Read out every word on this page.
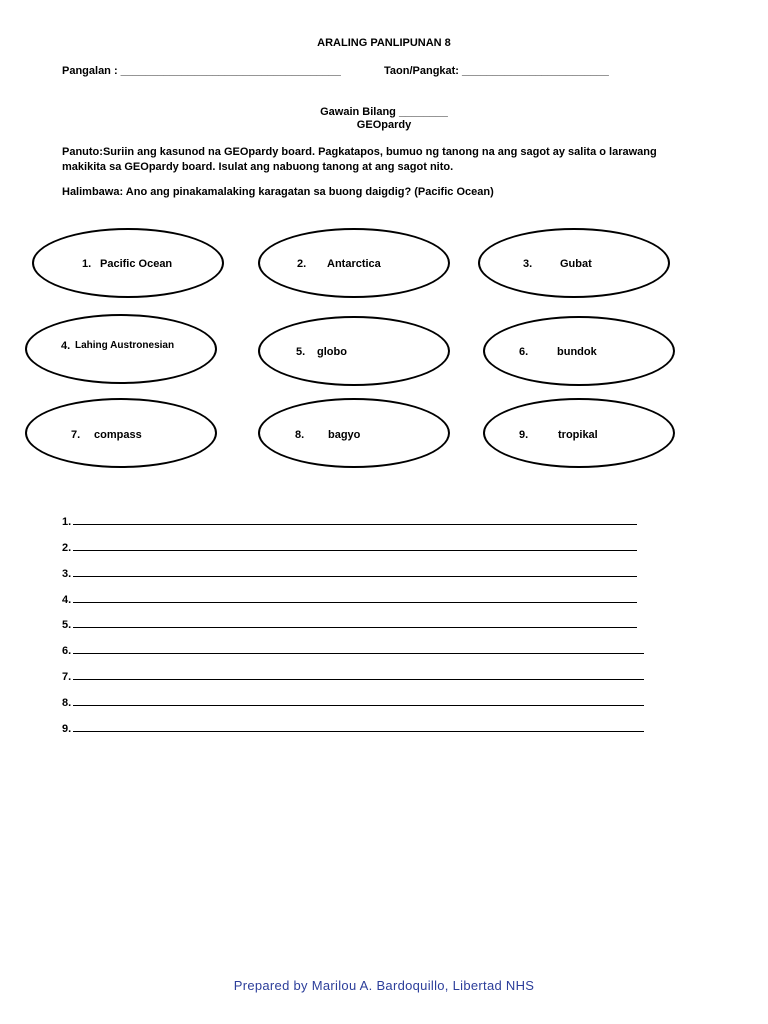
ARALING PANLIPUNAN 8
Pangalan : ____________________________________	Taon/Pangkat: ________________________
Gawain Bilang ________
GEOpardy
Panuto:Suriin ang kasunod na GEOpardy board. Pagkatapos, bumuo ng tanong na ang sagot ay salita o larawang makikita sa GEOpardy board. Isulat ang nabuong tanong at ang sagot nito.
Halimbawa: Ano ang pinakamalaking karagatan sa buong daigdig? (Pacific Ocean)
1. Pacific Ocean	2. Antarctica	3.	Gubat
4. Lahing Austronesian
5. globo	6.	bundok
7. compass	8. bagyo	9.	tropikal
1.
2.
3.
4.
5.
6.
7.
8.
9.
Prepared by Marilou A. Bardoquillo, Libertad NHS
